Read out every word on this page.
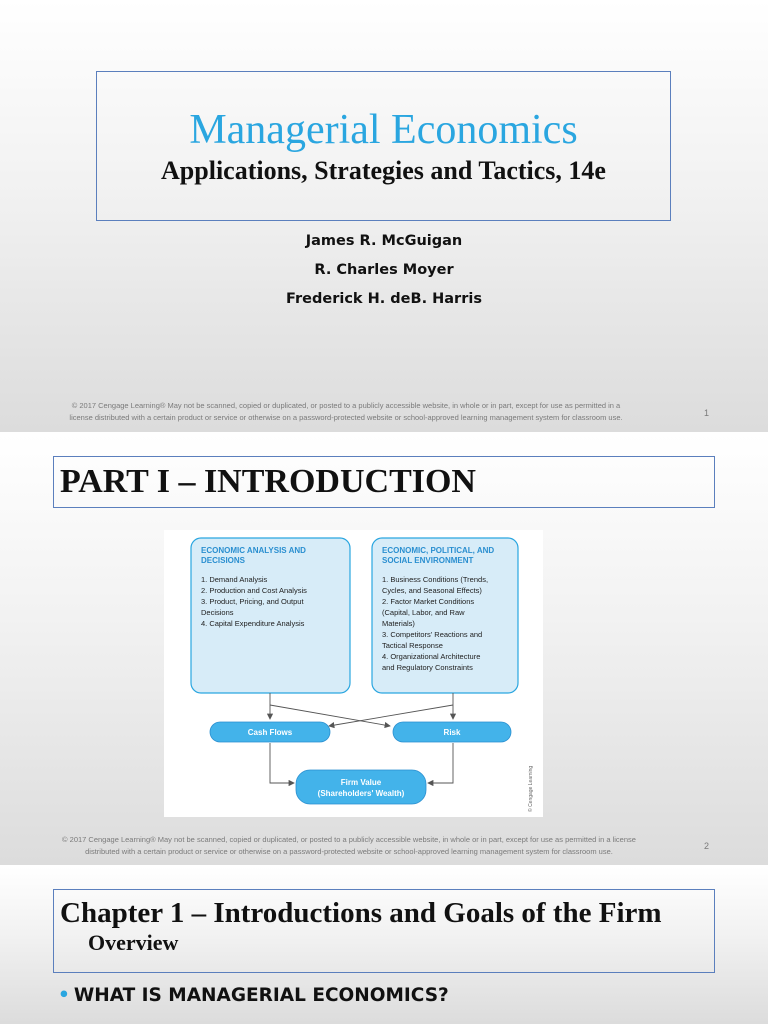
Managerial Economics
Applications, Strategies and Tactics, 14e
James R. McGuigan
R. Charles Moyer
Frederick H. deB. Harris
© 2017 Cengage Learning® May not be scanned, copied or duplicated, or posted to a publicly accessible website, in whole or in part, except for use as permitted in a
license distributed with a certain product or service or otherwise on a password-protected website or school-approved learning management system for classroom use.	1
PART I – INTRODUCTION
ECONOMIC ANALYSIS AND
DECISIONS
1. Demand Analysis
2. Production and Cost Analysis
3. Product, Pricing, and Output
Decisions
4. Capital Expenditure Analysis
ECONOMIC, POLITICAL, AND
SOCIAL ENVIRONMENT
1. Business Conditions (Trends,
Cycles, and Seasonal Effects)
2. Factor Market Conditions
(Capital, Labor, and Raw
Materials)
3. Competitors' Reactions and
Tactical Response
4. Organizational Architecture
and Regulatory Constraints
Cash Flows	Risk
Firm Value
(Shareholders' Wealth)	© Cengage Learning
© 2017 Cengage Learning® May not be scanned, copied or duplicated, or posted to a publicly accessible website, in whole or in part, except for use as permitted in a license
distributed with a certain product or service or otherwise on a password-protected website or school-approved learning management system for classroom use.
2
Chapter 1 – Introductions and Goals of the Firm
Overview
• WHAT IS MANAGERIAL ECONOMICS?
